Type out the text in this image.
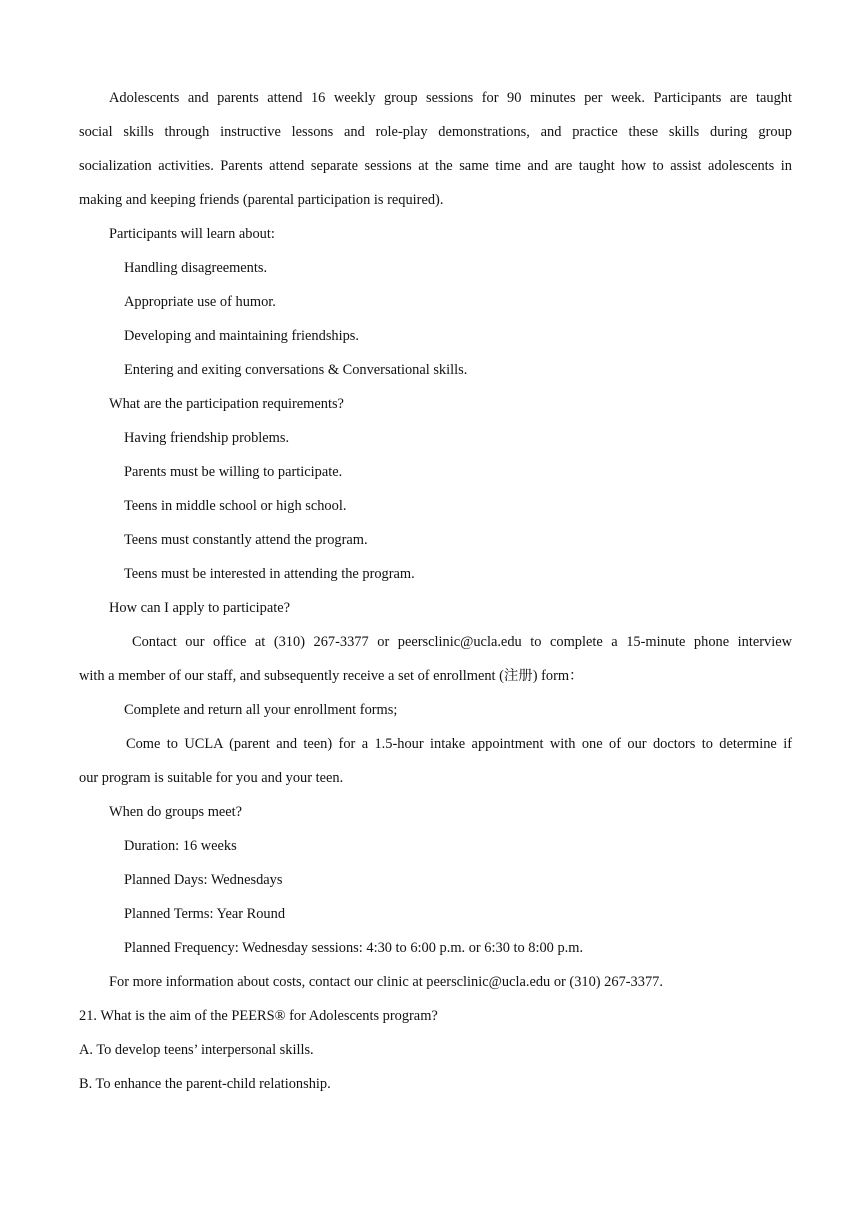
Adolescents and parents attend 16 weekly group sessions for 90 minutes per week. Participants are taught
social skills through instructive lessons and role-play demonstrations, and practice these skills during group
socialization activities. Parents attend separate sessions at the same time and are taught how to assist adolescents in
making and keeping friends (parental participation is required).
Participants will learn about:
Handling disagreements.
Appropriate use of humor.
Developing and maintaining friendships.
Entering and exiting conversations & Conversational skills.
What are the participation requirements?
Having friendship problems.
Parents must be willing to participate.
Teens in middle school or high school.
Teens must constantly attend the program.
Teens must be interested in attending the program.
How can I apply to participate?
Contact our office at (310) 267-3377 or peersclinic@ucla.edu to complete a 15-minute phone interview
with a member of our staff, and subsequently receive a set of enrollment (注册) form：
Complete and return all your enrollment forms;
Come to UCLA (parent and teen) for a 1.5-hour intake appointment with one of our doctors to determine if
our program is suitable for you and your teen.
When do groups meet?
Duration: 16 weeks
Planned Days: Wednesdays
Planned Terms: Year Round
Planned Frequency: Wednesday sessions: 4:30 to 6:00 p.m. or 6:30 to 8:00 p.m.
For more information about costs, contact our clinic at peersclinic@ucla.edu or (310) 267-3377.
21. What is the aim of the PEERS® for Adolescents program?
A. To develop teens’ interpersonal skills.
B. To enhance the parent-child relationship.
